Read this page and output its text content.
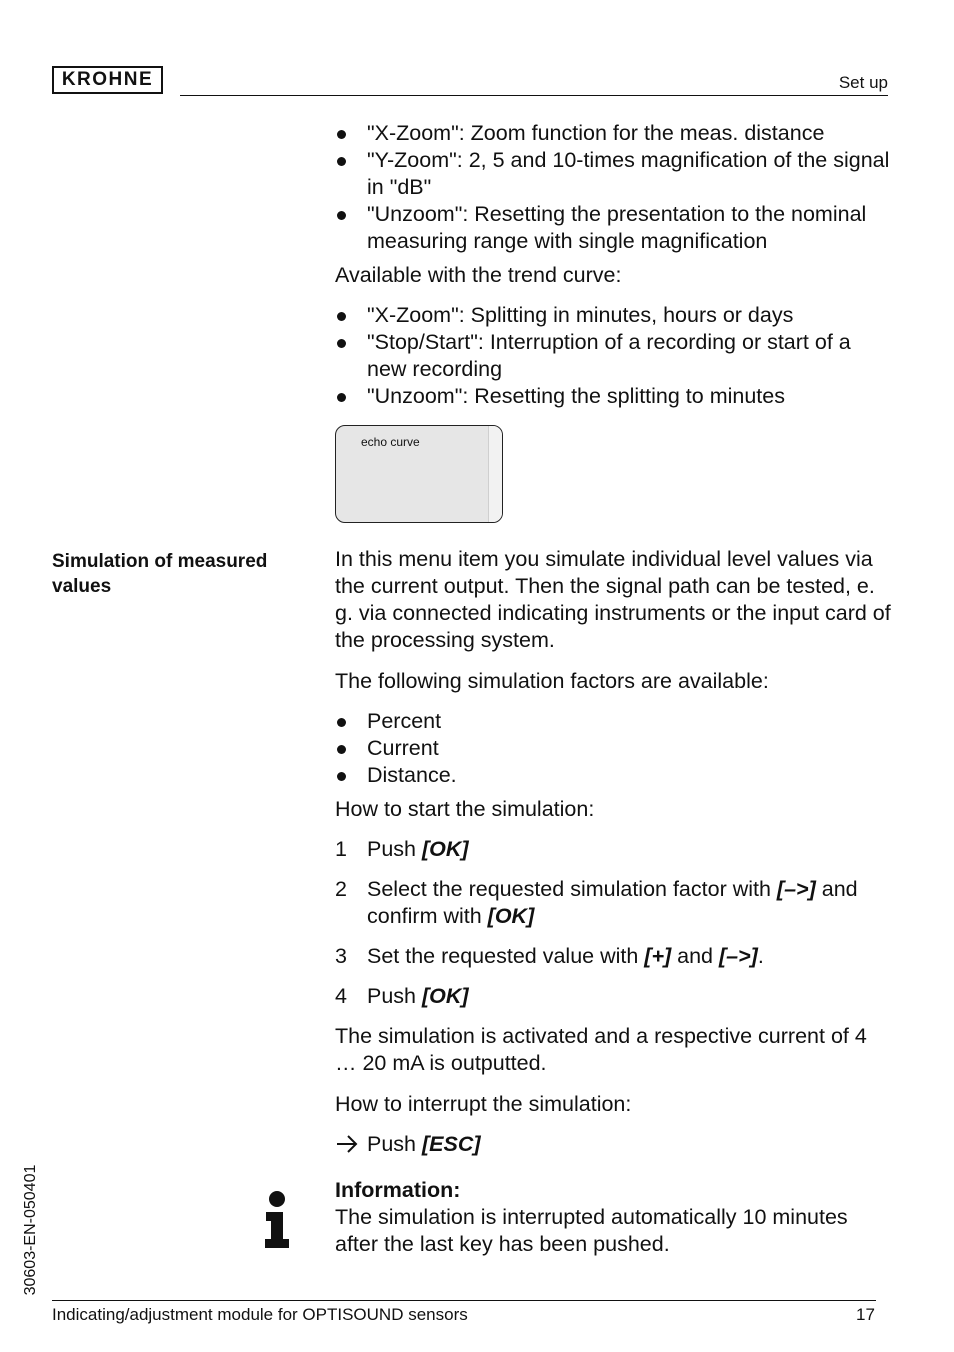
KROHNE	Set up
Simulation of measured values
"X-Zoom": Zoom function for the meas. distance
"Y-Zoom": 2, 5 and 10-times magnification of the signal in "dB"
"Unzoom": Resetting the presentation to the nominal measuring range with single magnification

Available with the trend curve:

"X-Zoom": Splitting in minutes, hours or days
"Stop/Start": Interruption of a recording or start of a new recording
"Unzoom": Resetting the splitting to minutes
echo curve

In this menu item you simulate individual level values via the current output. Then the signal path can be tested, e. g. via connected indicating instruments or the input card of the processing system.

The following simulation factors are available:

Percent
Current
Distance.

How to start the simulation:

1 Push [OK]
2 Select the requested simulation factor with [–>] and confirm with [OK]
3 Set the requested value with [+] and [–>].
4 Push [OK]

The simulation is activated and a respective current of 4 … 20 mA is outputted.

How to interrupt the simulation:

Push [ESC]

Information:

The simulation is interrupted automatically 10 minutes after the last key has been pushed.

Indicating/adjustment module for OPTISOUND sensors	17
30603-EN-050401
